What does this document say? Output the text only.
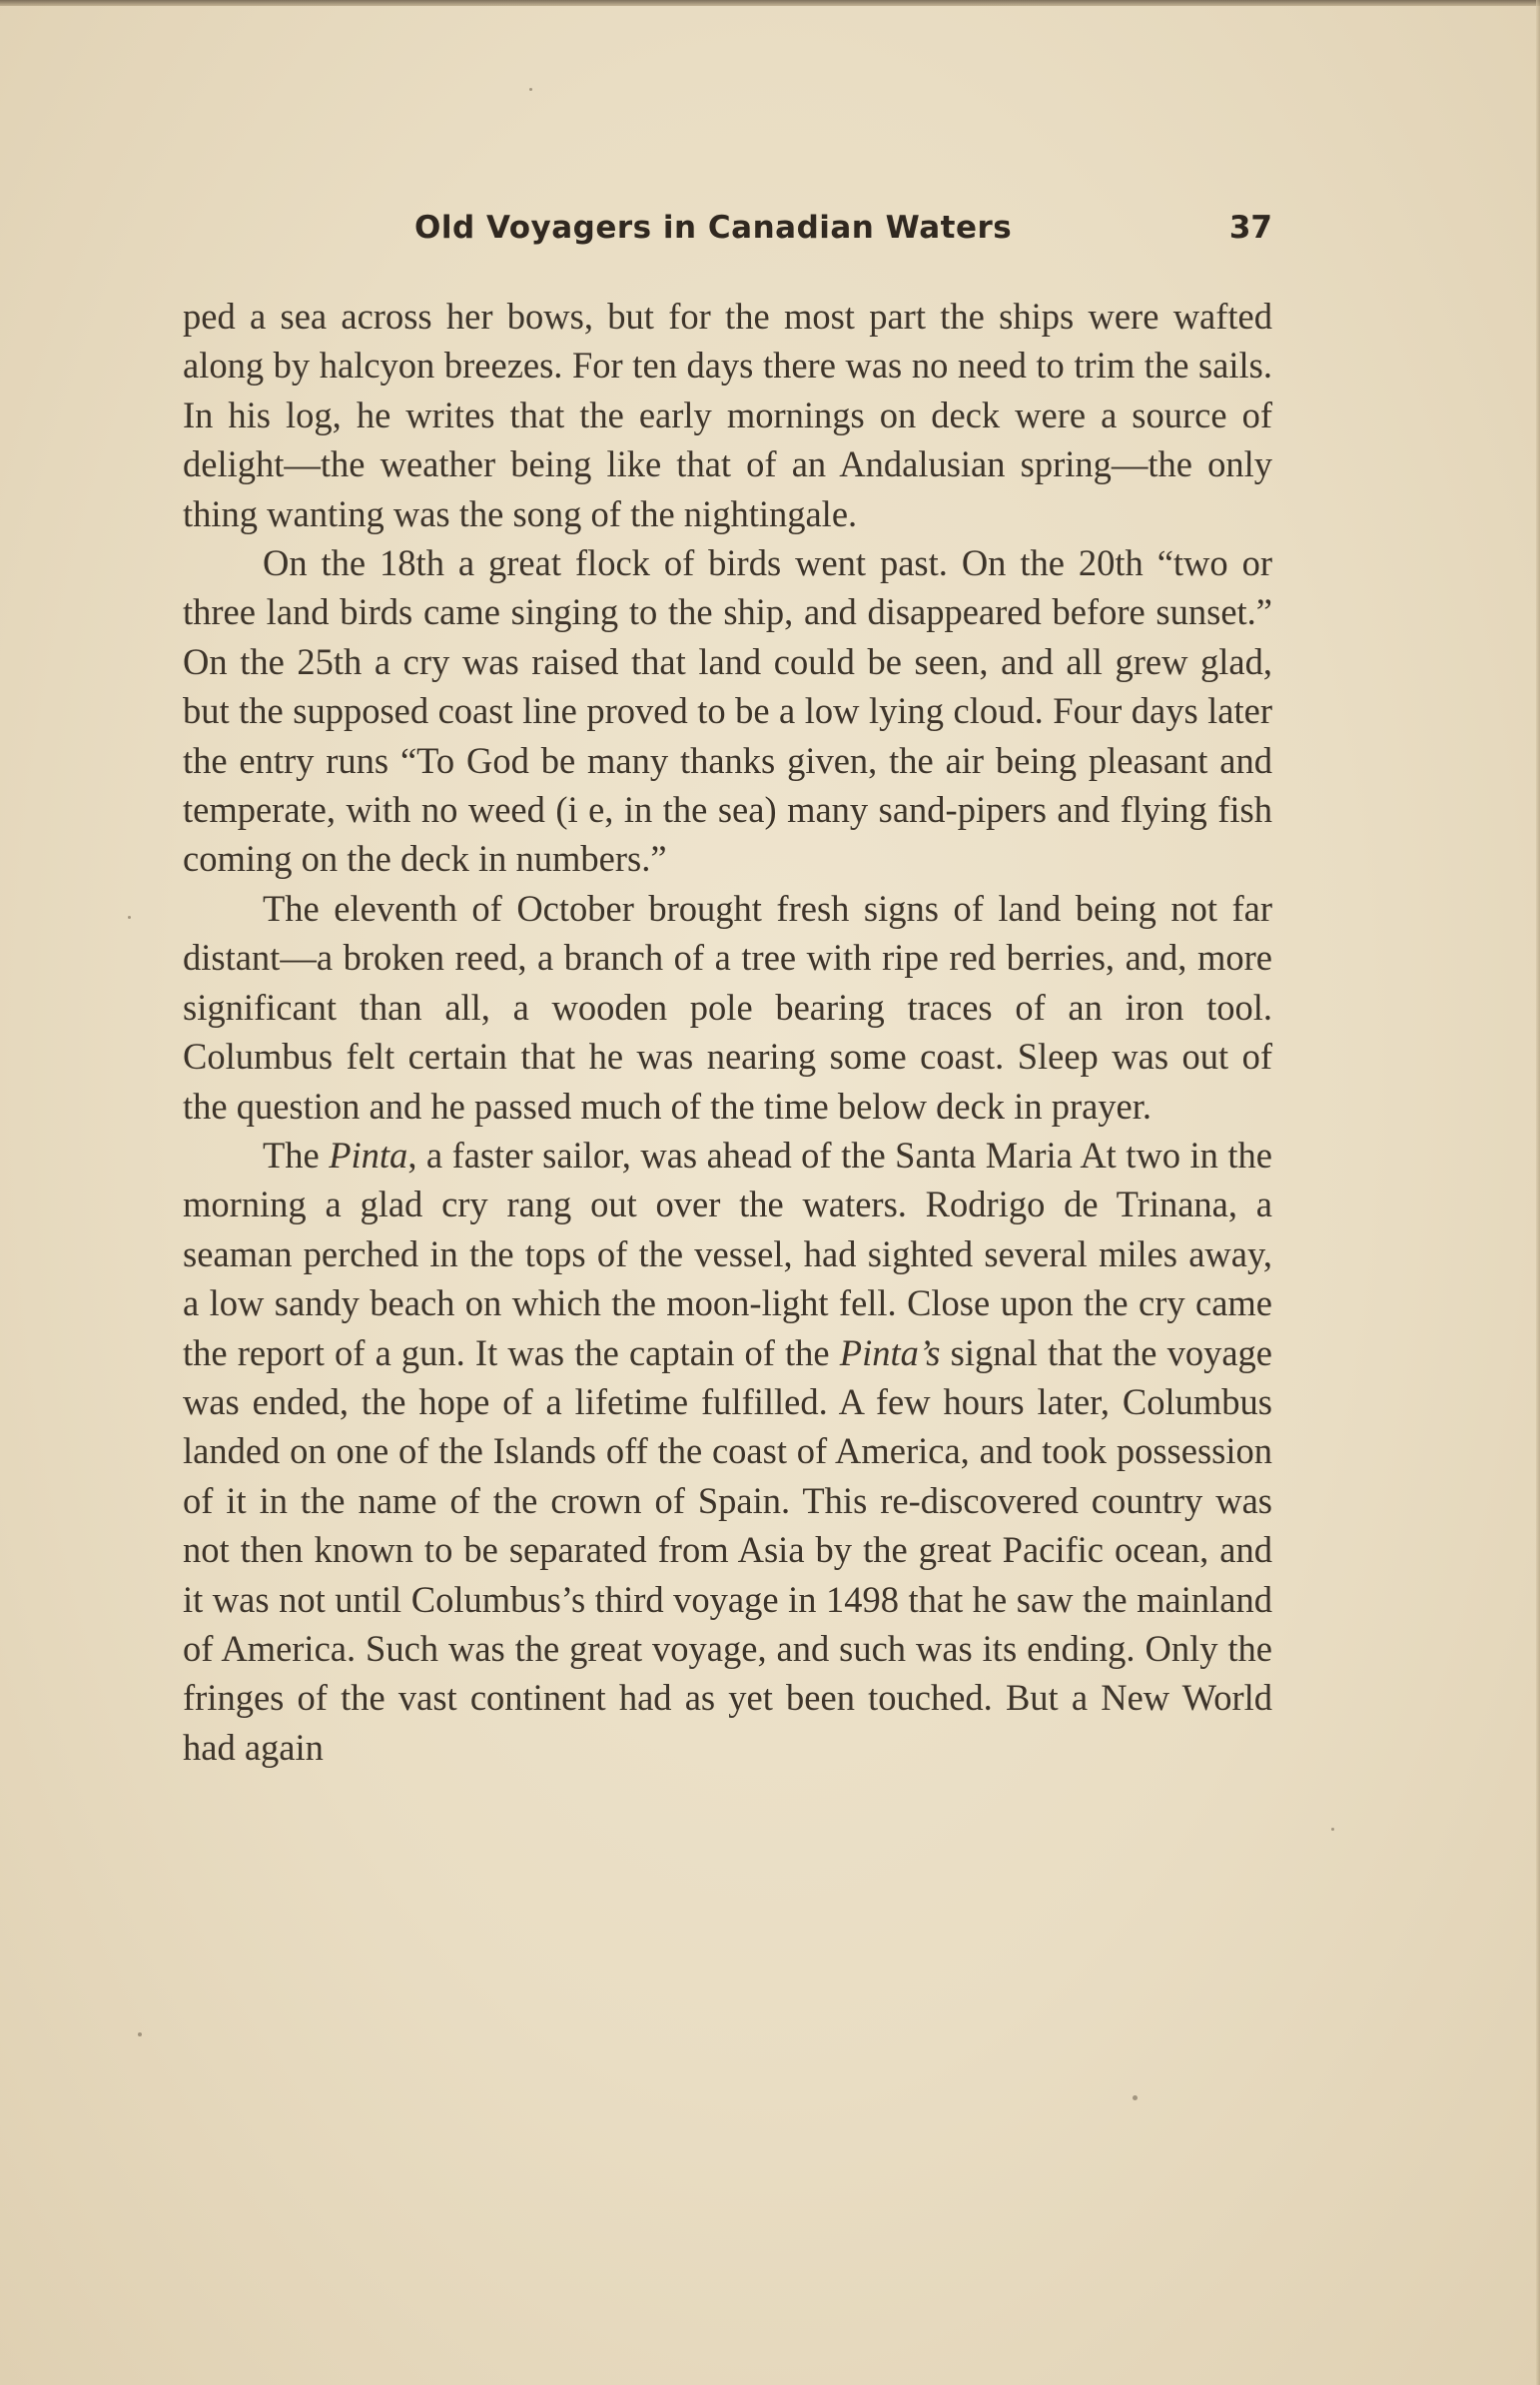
Old Voyagers in Canadian Waters	37

ped a sea across her bows, but for the most part the ships were wafted along by halcyon breezes. For ten days there was no need to trim the sails. In his log, he writes that the early mornings on deck were a source of delight—the weather being like that of an Andalusian spring—the only thing wanting was the song of the nightingale.

On the 18th a great flock of birds went past. On the 20th “two or three land birds came singing to the ship, and disappeared before sunset.” On the 25th a cry was raised that land could be seen, and all grew glad, but the supposed coast line proved to be a low lying cloud. Four days later the entry runs “To God be many thanks given, the air being pleasant and temperate, with no weed (i e, in the sea) many sand-pipers and flying fish coming on the deck in numbers.”

The eleventh of October brought fresh signs of land being not far distant—a broken reed, a branch of a tree with ripe red berries, and, more significant than all, a wooden pole bearing traces of an iron tool. Columbus felt certain that he was nearing some coast. Sleep was out of the question and he passed much of the time below deck in prayer.

The Pinta, a faster sailor, was ahead of the Santa Maria At two in the morning a glad cry rang out over the waters. Rodrigo de Trinana, a seaman perched in the tops of the vessel, had sighted several miles away, a low sandy beach on which the moon-light fell. Close upon the cry came the report of a gun. It was the captain of the Pinta’s signal that the voyage was ended, the hope of a lifetime fulfilled. A few hours later, Columbus landed on one of the Islands off the coast of America, and took possession of it in the name of the crown of Spain. This re-discovered country was not then known to be separated from Asia by the great Pacific ocean, and it was not until Columbus’s third voyage in 1498 that he saw the mainland of America. Such was the great voyage, and such was its ending. Only the fringes of the vast continent had as yet been touched. But a New World had again
